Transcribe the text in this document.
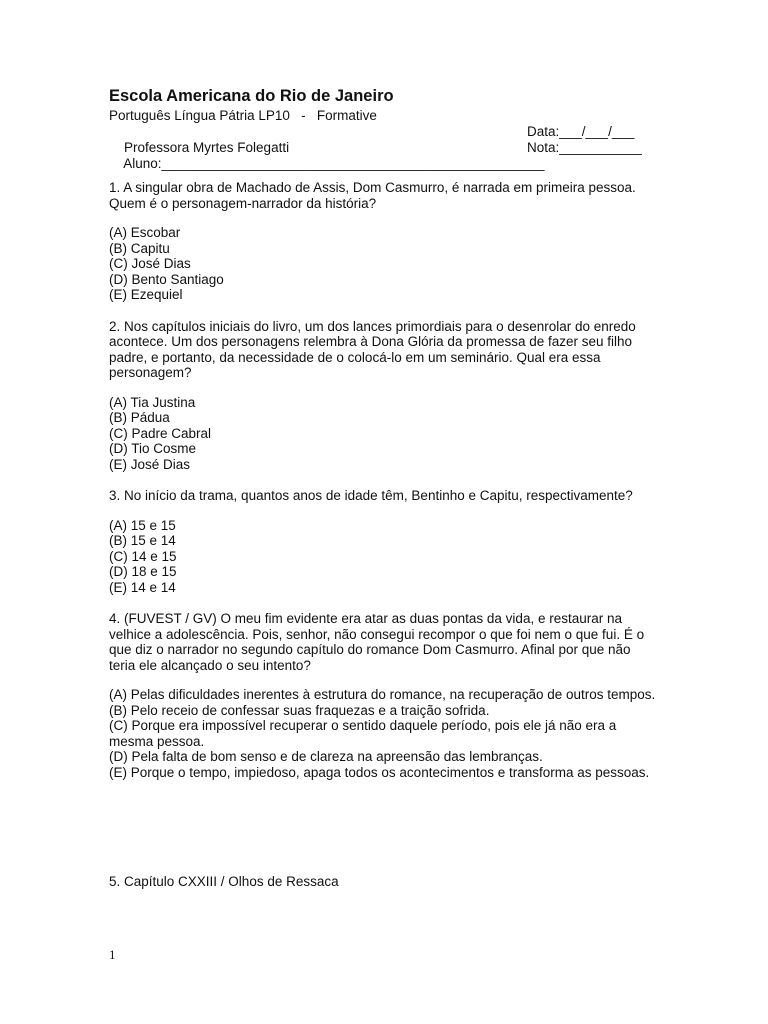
Escola Americana do Rio de Janeiro
Português Língua Pátria LP10   -   Formative

Professora Myrtes Folegatti

Data:___/___/___

Aluno:___________________________________________________

Nota:___________

1. A singular obra de Machado de Assis, Dom Casmurro, é narrada em primeira pessoa. Quem é o personagem-narrador da história?
(A) Escobar
(B) Capitu
(C) José Dias
(D) Bento Santiago
(E) Ezequiel
2. Nos capítulos iniciais do livro, um dos lances primordiais para o desenrolar do enredo acontece. Um dos personagens relembra à Dona Glória da promessa de fazer seu filho padre, e portanto, da necessidade de o colocá-lo em um seminário. Qual era essa personagem?
(A) Tia Justina
(B) Pádua
(C) Padre Cabral
(D) Tio Cosme
(E) José Dias
3. No início da trama, quantos anos de idade têm, Bentinho e Capitu, respectivamente?
(A) 15 e 15
(B) 15 e 14
(C) 14 e 15
(D) 18 e 15
(E) 14 e 14
4. (FUVEST / GV) O meu fim evidente era atar as duas pontas da vida, e restaurar na velhice a adolescência. Pois, senhor, não consegui recompor o que foi nem o que fui. É o que diz o narrador no segundo capítulo do romance Dom Casmurro. Afinal por que não teria ele alcançado o seu intento?
(A) Pelas dificuldades inerentes à estrutura do romance, na recuperação de outros tempos.
(B) Pelo receio de confessar suas fraquezas e a traição sofrida.
(C) Porque era impossível recuperar o sentido daquele período, pois ele já não era a mesma pessoa.
(D) Pela falta de bom senso e de clareza na apreensão das lembranças.
(E) Porque o tempo, impiedoso, apaga todos os acontecimentos e transforma as pessoas.
5. Capítulo CXXIII / Olhos de Ressaca
1
